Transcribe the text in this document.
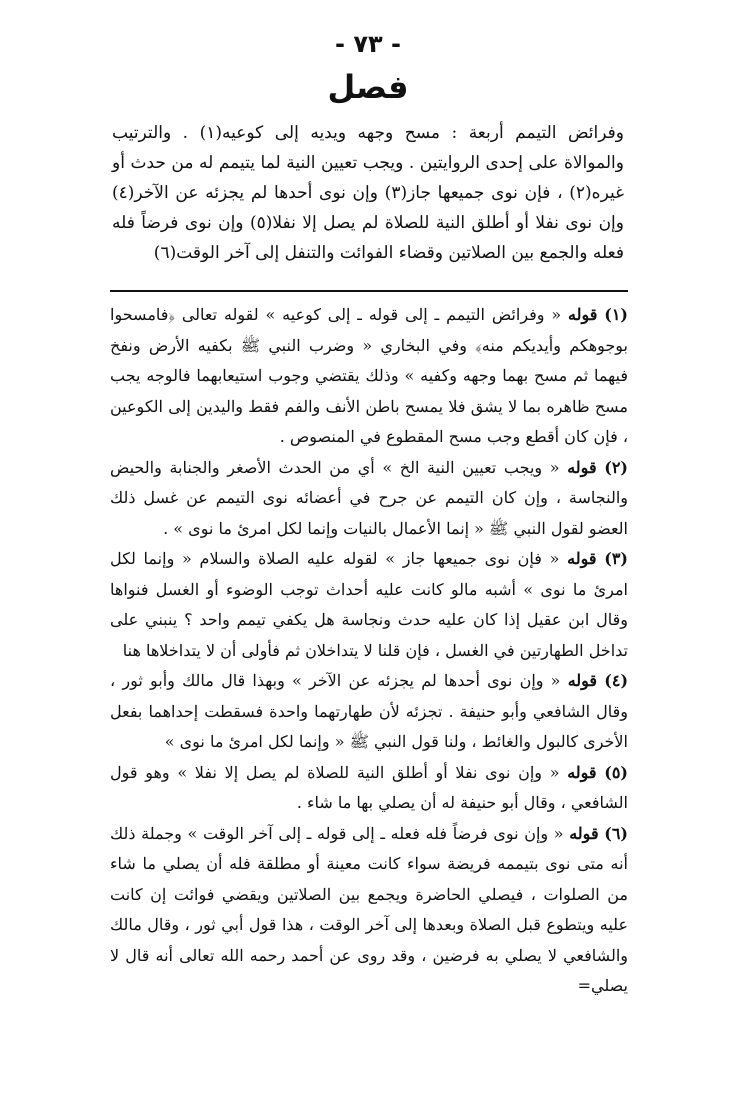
- ٧٣ -
فصل
وفرائض التيمم أربعة : مسح وجهه ويديه إلى كوعيه(١) . والترتيب والموالاة على إحدى الروايتين . ويجب تعيين النية لما يتيمم له من حدث أو غيره(٢) ، فإن نوى جميعها جاز(٣) وإن نوى أحدها لم يجزئه عن الآخر(٤) وإن نوى نفلا أو أطلق النية للصلاة لم يصل إلا نفلا(٥) وإن نوى فرضاً فله فعله والجمع بين الصلاتين وقضاء الفوائت والتنفل إلى آخر الوقت(٦)

(١) قوله « وفرائض التيمم ـ إلى قوله ـ إلى كوعيه » لقوله تعالى ﴿فامسحوا بوجوهكم وأيديكم منه﴾ وفي البخاري « وضرب النبي ﷺ بكفيه الأرض ونفخ فيهما ثم مسح بهما وجهه وكفيه » وذلك يقتضي وجوب استيعابهما فالوجه يجب مسح ظاهره بما لا يشق فلا يمسح باطن الأنف والفم فقط واليدين إلى الكوعين ، فإن كان أقطع وجب مسح المقطوع في المنصوص .

(٢) قوله « ويجب تعيين النية الخ » أي من الحدث الأصغر والجنابة والحيض والنجاسة ، وإن كان التيمم عن جرح في أعضائه نوى التيمم عن غسل ذلك العضو لقول النبي ﷺ « إنما الأعمال بالنيات وإنما لكل امرئ ما نوى » .

(٣) قوله « فإن نوى جميعها جاز » لقوله عليه الصلاة والسلام « وإنما لكل امرئ ما نوى » أشبه مالو كانت عليه أحداث توجب الوضوء أو الغسل فنواها وقال ابن عقيل إذا كان عليه حدث ونجاسة هل يكفي تيمم واحد ؟ ينبني على تداخل الطهارتين في الغسل ، فإن قلنا لا يتداخلان ثم فأولى أن لا يتداخلاها هنا

(٤) قوله « وإن نوى أحدها لم يجزئه عن الآخر » وبهذا قال مالك وأبو ثور ، وقال الشافعي وأبو حنيفة . تجزئه لأن طهارتهما واحدة فسقطت إحداهما بفعل الأخرى كالبول والغائط ، ولنا قول النبي ﷺ « وإنما لكل امرئ ما نوى »

(٥) قوله « وإن نوى نفلا أو أطلق النية للصلاة لم يصل إلا نفلا » وهو قول الشافعي ، وقال أبو حنيفة له أن يصلي بها ما شاء .

(٦) قوله « وإن نوى فرضاً فله فعله ـ إلى قوله ـ إلى آخر الوقت » وجملة ذلك أنه متى نوى بتيممه فريضة سواء كانت معينة أو مطلقة فله أن يصلي ما شاء من الصلوات ، فيصلي الحاضرة ويجمع بين الصلاتين ويقضي فوائت إن كانت عليه ويتطوع قبل الصلاة وبعدها إلى آخر الوقت ، هذا قول أبي ثور ، وقال مالك والشافعي لا يصلي به فرضين ، وقد روى عن أحمد رحمه الله تعالى أنه قال لا يصلي=
